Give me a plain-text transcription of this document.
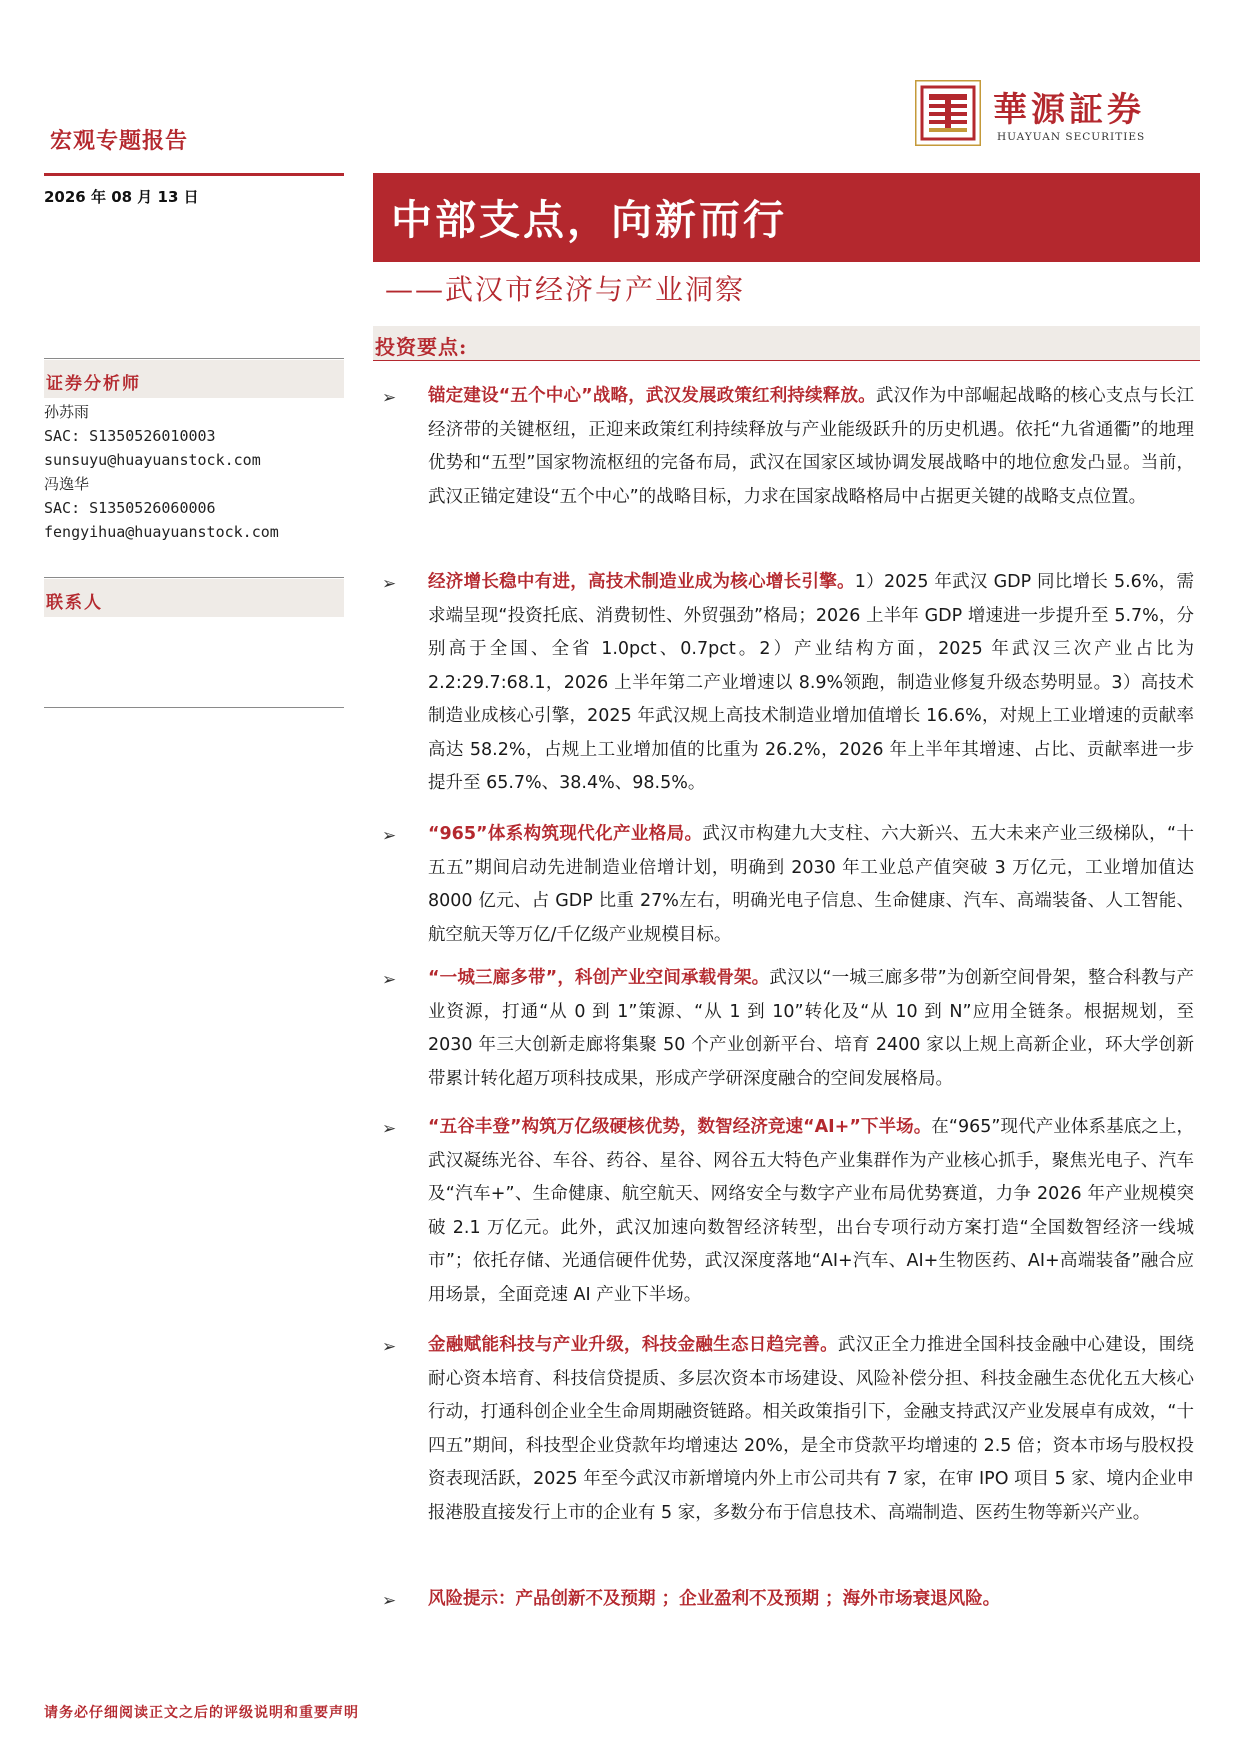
宏观专题报告
華源証券
HUAYUAN SECURITIES
2026 年 08 月 13 日
证券分析师
孙苏雨
SAC: S1350526010003
sunsuyu@huayuanstock.com
冯逸华
SAC: S1350526060006
fengyihua@huayuanstock.com
联系人
中部支点，向新而行
——武汉市经济与产业洞察
投资要点:
➢ 锚定建设“五个中心”战略，武汉发展政策红利持续释放。武汉作为中部崛起战略的核心支点与长江经济带的关键枢纽，正迎来政策红利持续释放与产业能级跃升的历史机遇。依托“九省通衢”的地理优势和“五型”国家物流枢纽的完备布局，武汉在国家区域协调发展战略中的地位愈发凸显。当前，武汉正锚定建设“五个中心”的战略目标，力求在国家战略格局中占据更关键的战略支点位置。
➢ 经济增长稳中有进，高技术制造业成为核心增长引擎。1）2025 年武汉 GDP 同比增长 5.6%，需求端呈现“投资托底、消费韧性、外贸强劲”格局；2026 上半年 GDP 增速进一步提升至 5.7%，分别高于全国、全省 1.0pct、0.7pct。2）产业结构方面，2025 年武汉三次产业占比为 2.2:29.7:68.1，2026 上半年第二产业增速以 8.9%领跑，制造业修复升级态势明显。3）高技术制造业成核心引擎，2025 年武汉规上高技术制造业增加值增长 16.6%，对规上工业增速的贡献率高达 58.2%，占规上工业增加值的比重为 26.2%，2026 年上半年其增速、占比、贡献率进一步提升至 65.7%、38.4%、98.5%。
➢ “965”体系构筑现代化产业格局。武汉市构建九大支柱、六大新兴、五大未来产业三级梯队，“十五五”期间启动先进制造业倍增计划，明确到 2030 年工业总产值突破 3 万亿元，工业增加值达 8000 亿元、占 GDP 比重 27%左右，明确光电子信息、生命健康、汽车、高端装备、人工智能、航空航天等万亿/千亿级产业规模目标。
➢ “一城三廊多带”，科创产业空间承载骨架。武汉以“一城三廊多带”为创新空间骨架，整合科教与产业资源，打通“从 0 到 1”策源、“从 1 到 10”转化及“从 10 到 N”应用全链条。根据规划，至 2030 年三大创新走廊将集聚 50 个产业创新平台、培育 2400 家以上规上高新企业，环大学创新带累计转化超万项科技成果，形成产学研深度融合的空间发展格局。
➢ “五谷丰登”构筑万亿级硬核优势，数智经济竞速“AI+”下半场。在“965”现代产业体系基底之上，武汉凝练光谷、车谷、药谷、星谷、网谷五大特色产业集群作为产业核心抓手，聚焦光电子、汽车及“汽车+”、生命健康、航空航天、网络安全与数字产业布局优势赛道，力争 2026 年产业规模突破 2.1 万亿元。此外，武汉加速向数智经济转型，出台专项行动方案打造“全国数智经济一线城市”；依托存储、光通信硬件优势，武汉深度落地“AI+汽车、AI+生物医药、AI+高端装备”融合应用场景，全面竞速 AI 产业下半场。
➢ 金融赋能科技与产业升级，科技金融生态日趋完善。武汉正全力推进全国科技金融中心建设，围绕耐心资本培育、科技信贷提质、多层次资本市场建设、风险补偿分担、科技金融生态优化五大核心行动，打通科创企业全生命周期融资链路。相关政策指引下，金融支持武汉产业发展卓有成效，“十四五”期间，科技型企业贷款年均增速达 20%，是全市贷款平均增速的 2.5 倍；资本市场与股权投资表现活跃，2025 年至今武汉市新增境内外上市公司共有 7 家，在审 IPO 项目 5 家、境内企业申报港股直接发行上市的企业有 5 家，多数分布于信息技术、高端制造、医药生物等新兴产业。
➢ 风险提示：产品创新不及预期 ；企业盈利不及预期 ；海外市场衰退风险。
请务必仔细阅读正文之后的评级说明和重要声明
